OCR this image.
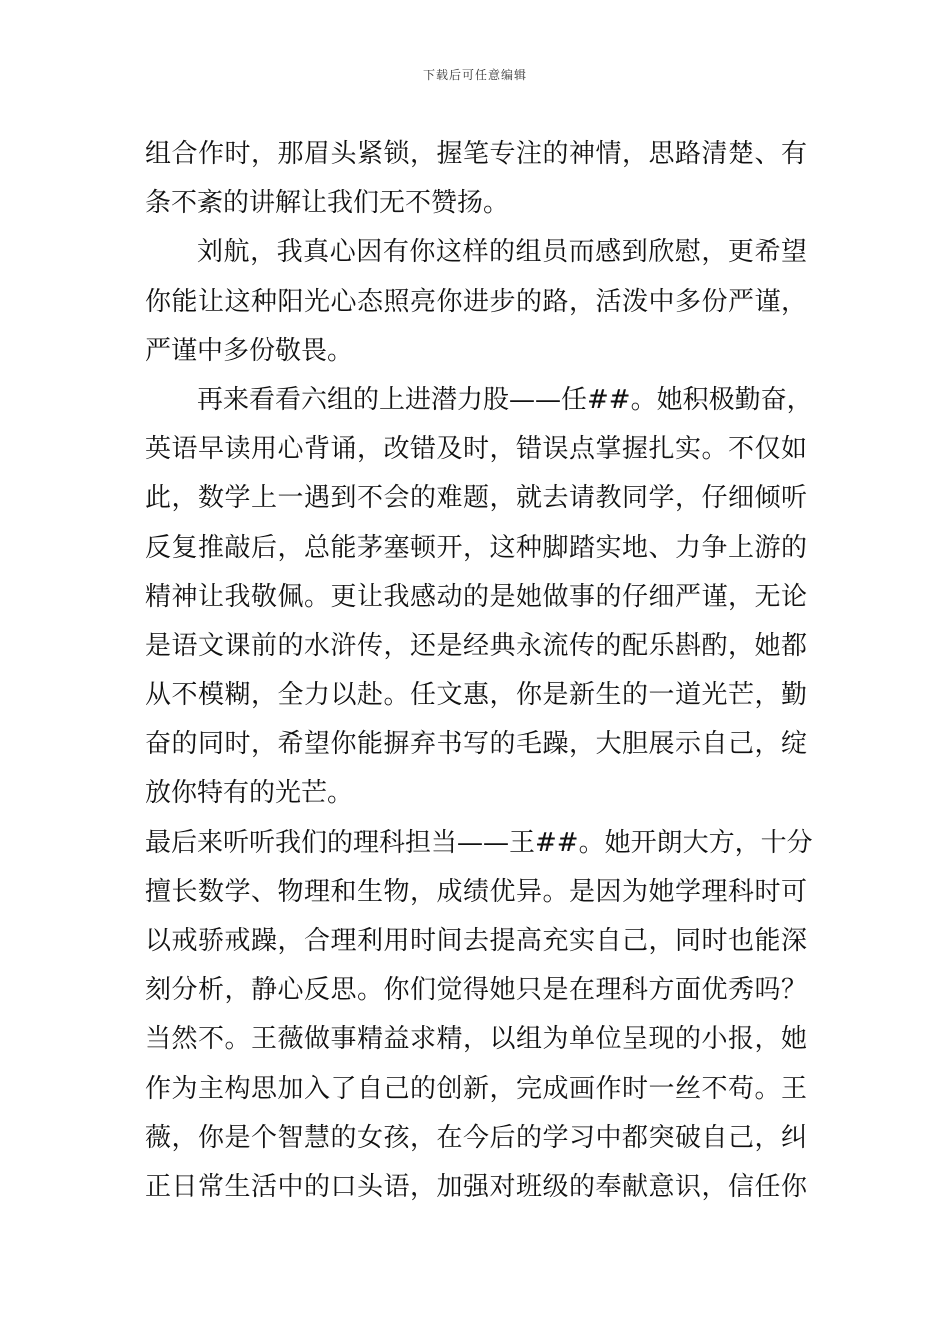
下载后可任意编辑
组合作时，那眉头紧锁，握笔专注的神情，思路清楚、有
条不紊的讲解让我们无不赞扬。
刘航，我真心因有你这样的组员而感到欣慰，更希望
你能让这种阳光心态照亮你进步的路，活泼中多份严谨，
严谨中多份敬畏。
再来看看六组的上进潜力股——任##。她积极勤奋，
英语早读用心背诵，改错及时，错误点掌握扎实。不仅如
此，数学上一遇到不会的难题，就去请教同学，仔细倾听
反复推敲后，总能茅塞顿开，这种脚踏实地、力争上游的
精神让我敬佩。更让我感动的是她做事的仔细严谨，无论
是语文课前的水浒传，还是经典永流传的配乐斟酌，她都
从不模糊，全力以赴。任文惠，你是新生的一道光芒，勤
奋的同时，希望你能摒弃书写的毛躁，大胆展示自己，绽
放你特有的光芒。
最后来听听我们的理科担当——王##。她开朗大方，十分
擅长数学、物理和生物，成绩优异。是因为她学理科时可
以戒骄戒躁，合理利用时间去提高充实自己，同时也能深
刻分析，静心反思。你们觉得她只是在理科方面优秀吗？
当然不。王薇做事精益求精，以组为单位呈现的小报，她
作为主构思加入了自己的创新，完成画作时一丝不苟。王
薇，你是个智慧的女孩，在今后的学习中都突破自己，纠
正日常生活中的口头语，加强对班级的奉献意识，信任你
